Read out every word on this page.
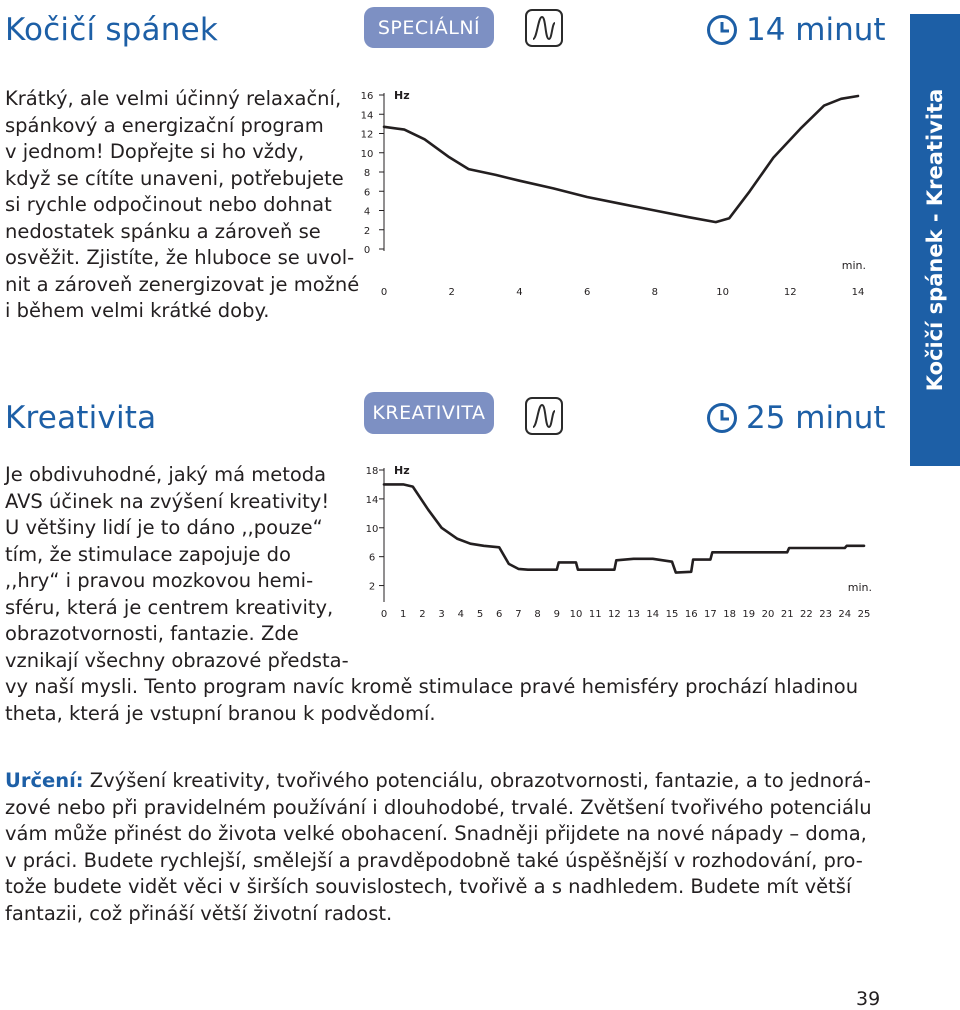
Kočičí spánek	SPECIÁLNÍ	14 minut
Krátký, ale velmi účinný relaxační,
spánkový a energizační program
v jednom! Dopřejte si ho vždy,
když se cítíte unaveni, potřebujete
si rychle odpočinout nebo dohnat
nedostatek spánku a zároveň se
osvěžit. Zjistíte, že hluboce se uvol-
nit a zároveň zenergizovat je možné
i během velmi krátké doby.
0
2
4
6
8
10
12
14
16
0	2	4	6	8	10	12	14
Hz
min.
Kreativita	KREATIVITA	25 minut
Je obdivuhodné, jaký má metoda
AVS účinek na zvýšení kreativity!
U většiny lidí je to dáno ,,pouze“
tím, že stimulace zapojuje do
,,hry“ i pravou mozkovou hemi-
sféru, která je centrem kreativity,
obrazotvornosti, fantazie. Zde
vznikají všechny obrazové předsta-
vy naší mysli. Tento program navíc kromě stimulace pravé hemisféry prochází hladinou
theta, která je vstupní branou k podvědomí.
2
6
10
14
18
0 1 2 3 4 5 6 7 8 9 10 11 12 13 14 15 16 17 18 19 20 21 22 23 24 25
Hz
min.
Určení: Zvýšení kreativity, tvořivého potenciálu, obrazotvornosti, fantazie, a to jednorá-
zové nebo při pravidelném používání i dlouhodobé, trvalé. Zvětšení tvořivého potenciálu
vám může přinést do života velké obohacení. Snadněji přijdete na nové nápady – doma,
v práci. Budete rychlejší, smělejší a pravděpodobně také úspěšnější v rozhodování, pro-
tože budete vidět věci v širších souvislostech, tvořivě a s nadhledem. Budete mít větší
fantazii, což přináší větší životní radost.
Kočičí spánek - Kreativita
39
